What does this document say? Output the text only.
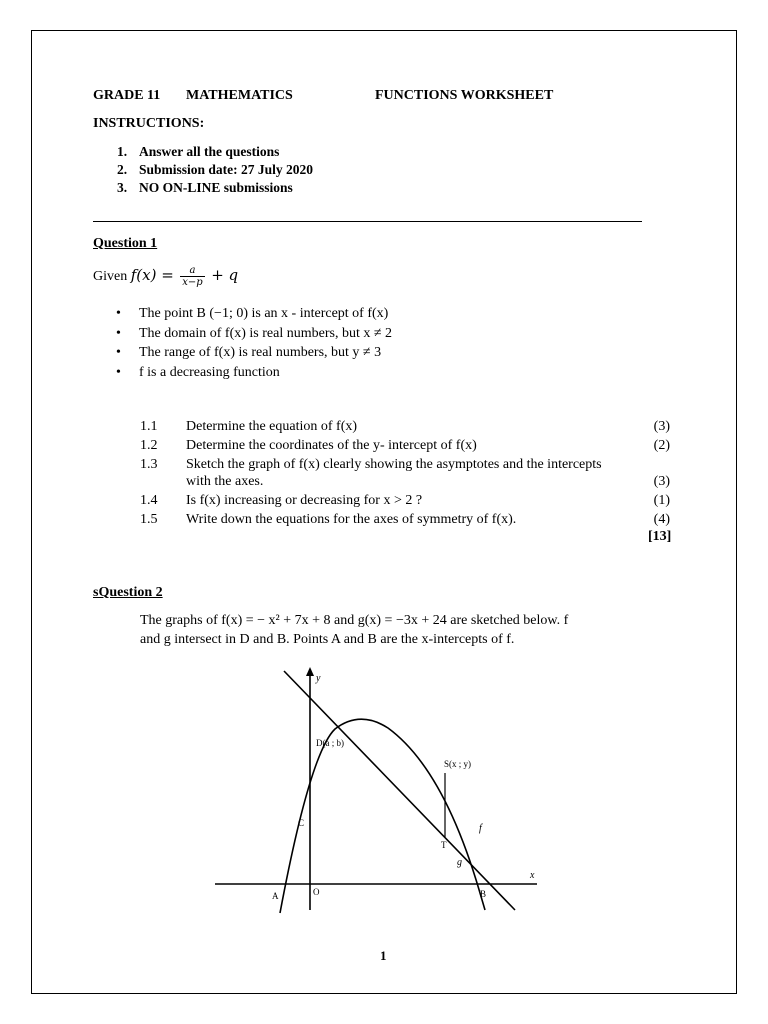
GRADE 11 MATHEMATICS	FUNCTIONS WORKSHEET
INSTRUCTIONS:
1. Answer all the questions
2. Submission date: 27 July 2020
3. NO ON-LINE submissions
Question 1
Given $f(x) = \frac{a}{x-p} + q$
• The point B (−1; 0) is an x - intercept of f(x)
• The domain of f(x) is real numbers, but x ≠ 2
• The range of f(x) is real numbers, but y ≠ 3
• f is a decreasing function
1.1 Determine the equation of f(x)	(3)
1.2 Determine the coordinates of the y- intercept of f(x)	(2)
1.3 Sketch the graph of f(x) clearly showing the asymptotes and the intercepts
with the axes.	(3)
1.4 Is f(x) increasing or decreasing for x > 2 ?	(1)
1.5 Write down the equations for the axes of symmetry of f(x).	(4)
[13]
sQuestion 2
The graphs of f(x) = − x² + 7x + 8 and g(x) = −3x + 24 are sketched below. f
and g intersect in D and B. Points A and B are the x-intercepts of f.
y
x
D(a ; b)
S(x ; y)
C
T
f
g
A	O	B
1
